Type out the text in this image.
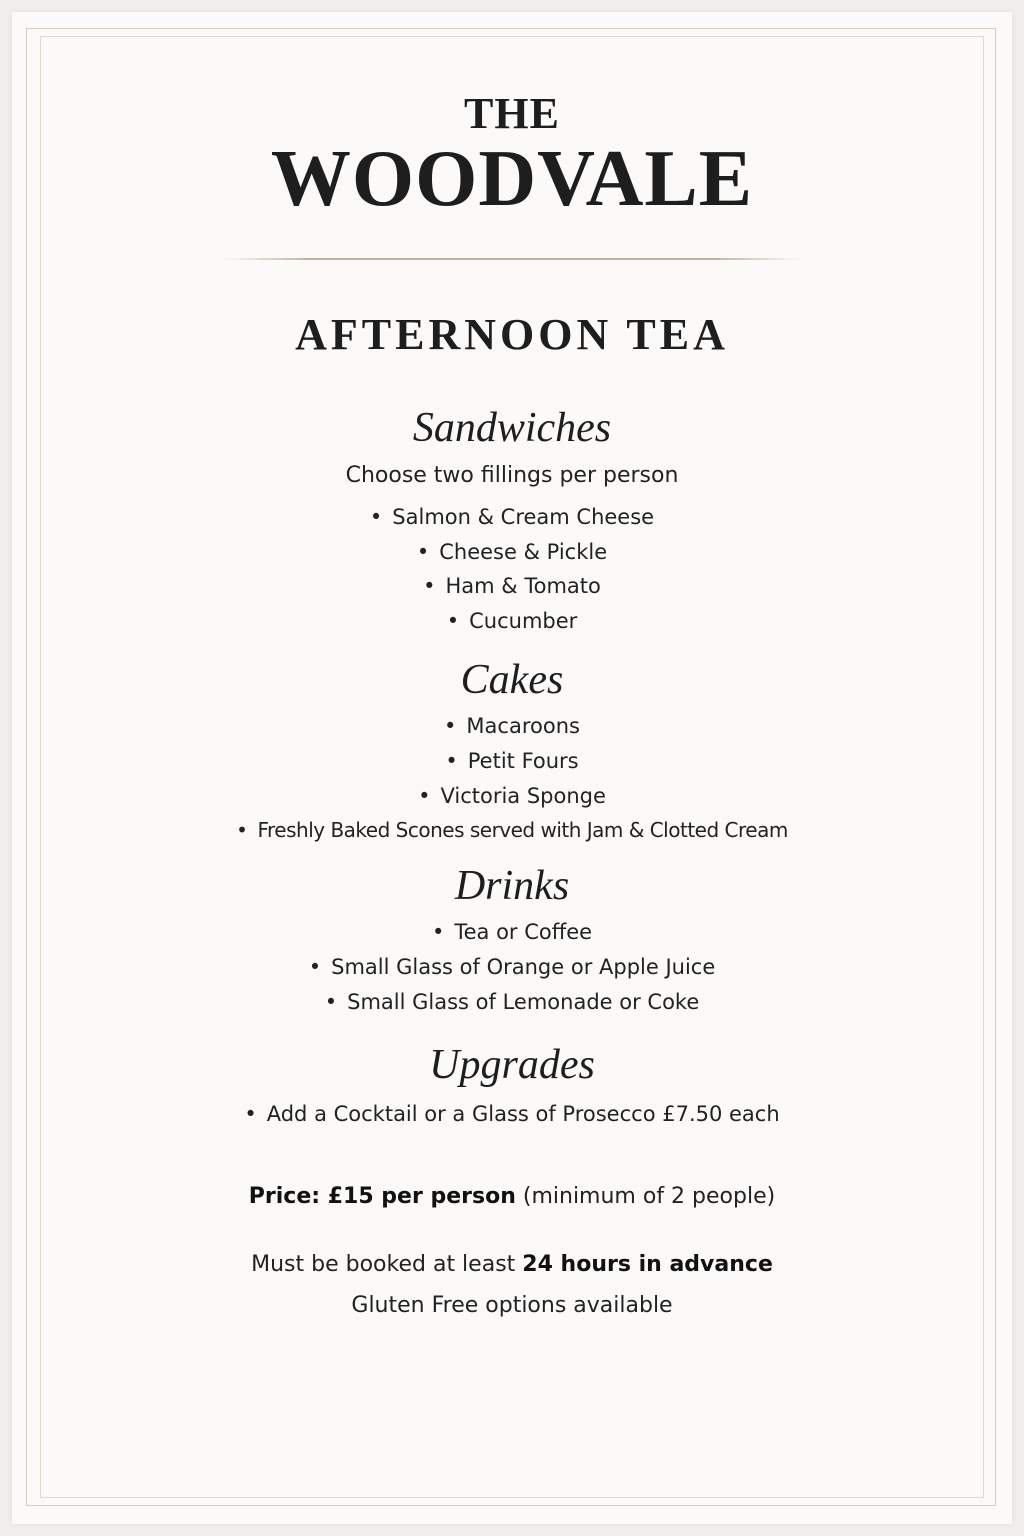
THE
WOODVALE
AFTERNOON TEA
Sandwiches
Choose two fillings per person
• Salmon & Cream Cheese
• Cheese & Pickle
• Ham & Tomato
• Cucumber
Cakes
• Macaroons
• Petit Fours
• Victoria Sponge
• Freshly Baked Scones served with Jam & Clotted Cream
Drinks
• Tea or Coffee
• Small Glass of Orange or Apple Juice
• Small Glass of Lemonade or Coke
Upgrades
• Add a Cocktail or a Glass of Prosecco £7.50 each
Price: £15 per person (minimum of 2 people)
Must be booked at least 24 hours in advance
Gluten Free options available
